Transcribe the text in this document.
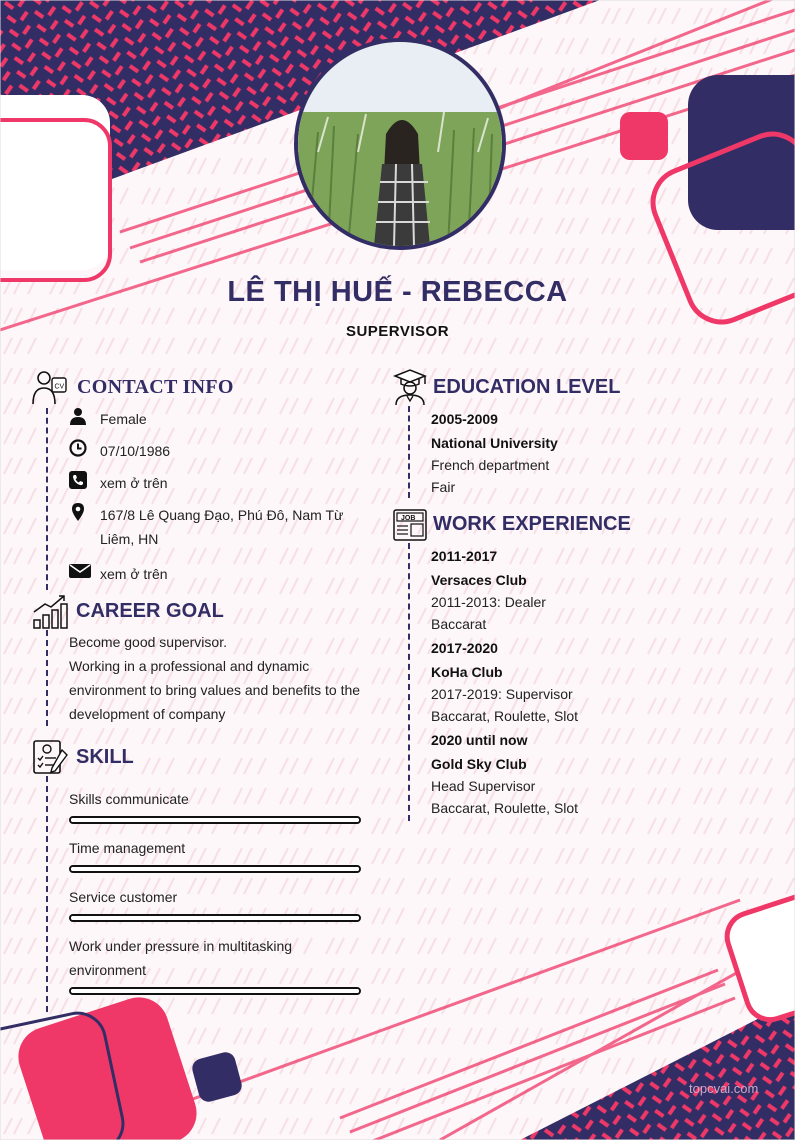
LÊ THỊ HUẾ - REBECCA
SUPERVISOR
CV CONTACT INFO
Female
07/10/1986
xem ở trên
167/8 Lê Quang Đạo, Phú Đô, Nam Từ Liêm, HN
xem ở trên
CAREER GOAL
Become good supervisor.
Working in a professional and dynamic environment to bring values and benefits to the development of company
SKILL
Skills communicate
Time management
Service customer
Work under pressure in multitasking environment
EDUCATION LEVEL
2005-2009
National University
French department
Fair
JOB WORK EXPERIENCE
2011-2017
Versaces Club
2011-2013: Dealer
Baccarat
2017-2020
KoHa Club
2017-2019: Supervisor
Baccarat, Roulette, Slot
2020 until now
Gold Sky Club
Head Supervisor
Baccarat, Roulette, Slot
topcvai.com
